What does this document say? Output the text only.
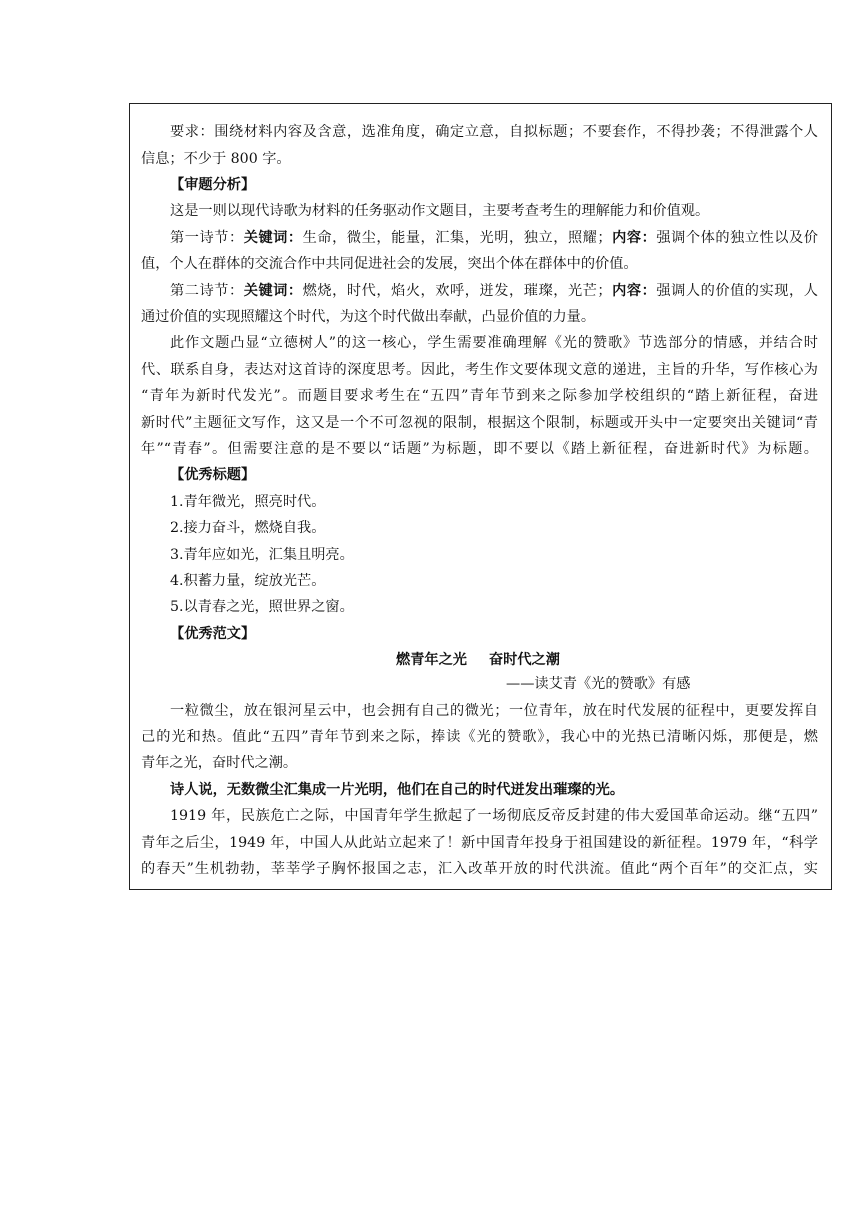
要求：围绕材料内容及含意，选准角度，确定立意，自拟标题；不要套作，不得抄袭；不得泄露个人
信息；不少于 800 字。
【审题分析】
这是一则以现代诗歌为材料的任务驱动作文题目，主要考查考生的理解能力和价值观。
第一诗节：关键词：生命，微尘，能量，汇集，光明，独立，照耀；内容：强调个体的独立性以及价
值，个人在群体的交流合作中共同促进社会的发展，突出个体在群体中的价值。
第二诗节：关键词：燃烧，时代，焰火，欢呼，迸发，璀璨，光芒；内容：强调人的价值的实现，人
通过价值的实现照耀这个时代，为这个时代做出奉献，凸显价值的力量。
此作文题凸显“立德树人”的这一核心，学生需要准确理解《光的赞歌》节选部分的情感，并结合时
代、联系自身，表达对这首诗的深度思考。因此，考生作文要体现文意的递进，主旨的升华，写作核心为
“青年为新时代发光”。而题目要求考生在“五四”青年节到来之际参加学校组织的“踏上新征程，奋进
新时代”主题征文写作，这又是一个不可忽视的限制，根据这个限制，标题或开头中一定要突出关键词“青
年”“青春”。但需要注意的是不要以“话题”为标题，即不要以《踏上新征程，奋进新时代》为标题。
【优秀标题】
1.青年微光，照亮时代。
2.接力奋斗，燃烧自我。
3.青年应如光，汇集且明亮。
4.积蓄力量，绽放光芒。
5.以青春之光，照世界之窗。
【优秀范文】
燃青年之光 奋时代之潮
——读艾青《光的赞歌》有感
一粒微尘，放在银河星云中，也会拥有自己的微光；一位青年，放在时代发展的征程中，更要发挥自
己的光和热。值此“五四”青年节到来之际，捧读《光的赞歌》，我心中的光热已清晰闪烁，那便是，燃
青年之光，奋时代之潮。
诗人说，无数微尘汇集成一片光明，他们在自己的时代迸发出璀璨的光。
1919 年，民族危亡之际，中国青年学生掀起了一场彻底反帝反封建的伟大爱国革命运动。继“五四”
青年之后尘，1949 年，中国人从此站立起来了！新中国青年投身于祖国建设的新征程。1979 年，“科学
的春天”生机勃勃，莘莘学子胸怀报国之志，汇入改革开放的时代洪流。值此“两个百年”的交汇点，实
